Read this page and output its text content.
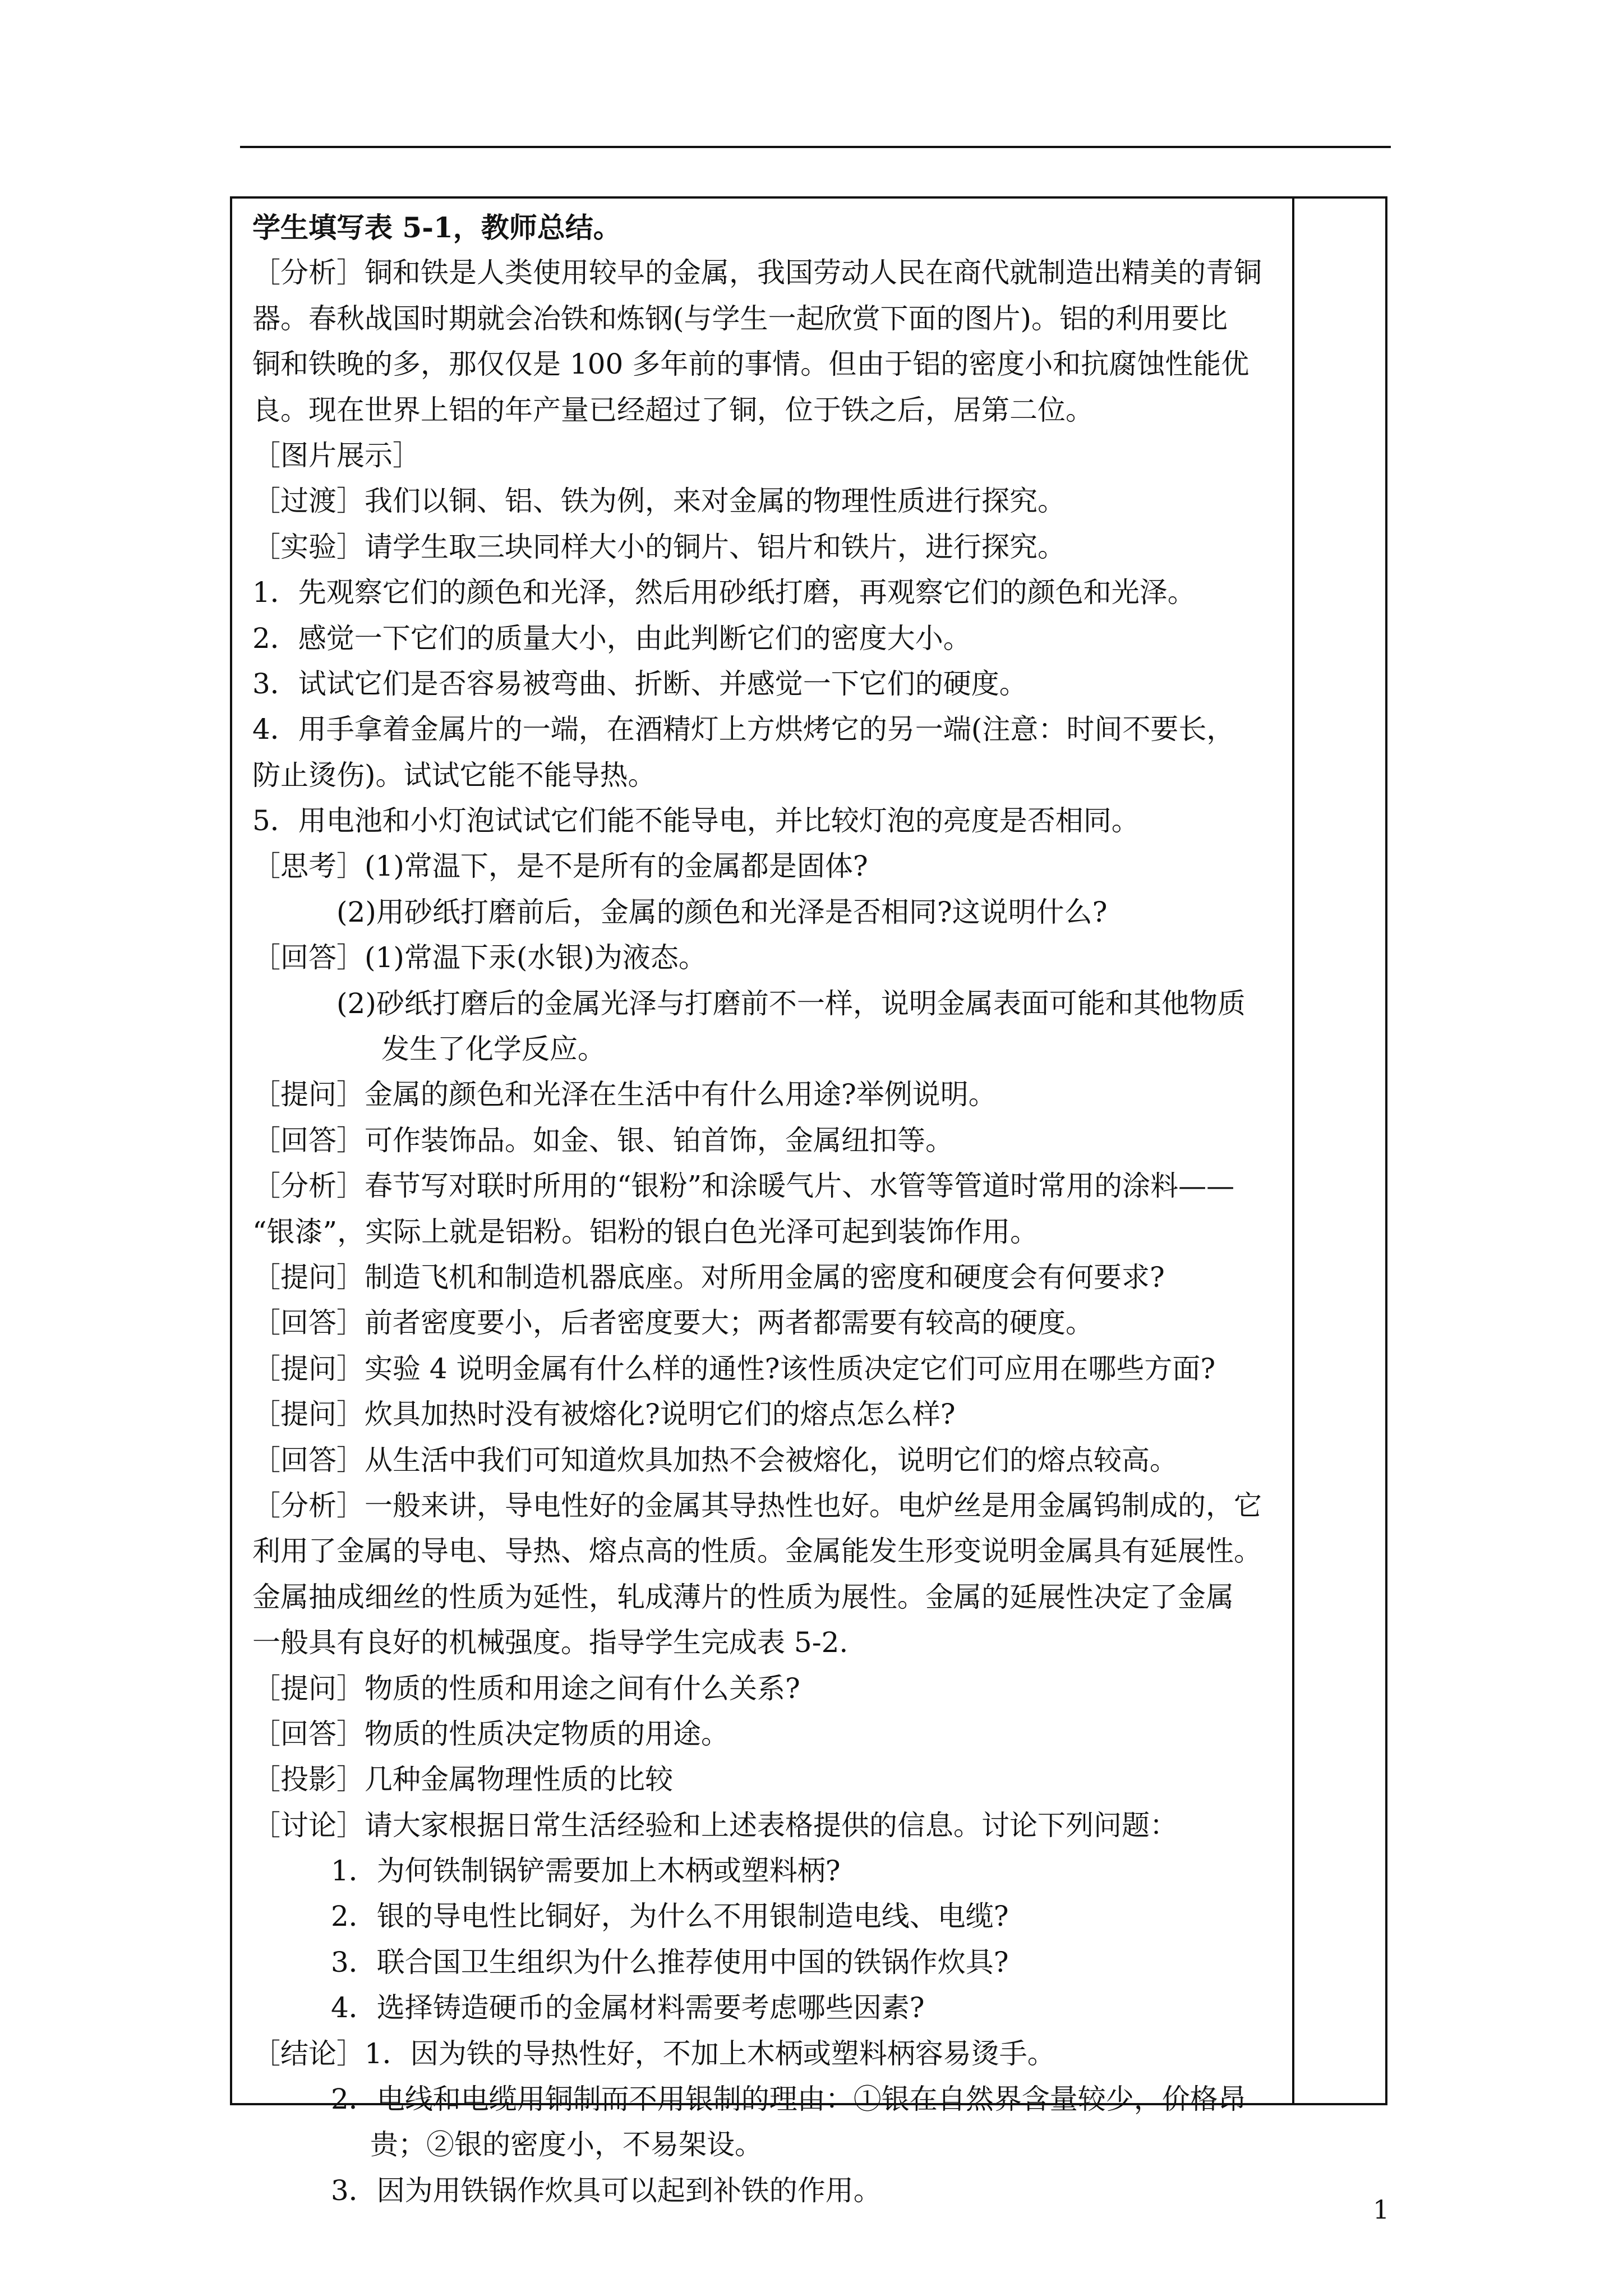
学生填写表 5-1，教师总结。
［分析］铜和铁是人类使用较早的金属，我国劳动人民在商代就制造出精美的青铜
器。春秋战国时期就会冶铁和炼钢(与学生一起欣赏下面的图片)。铝的利用要比
铜和铁晚的多，那仅仅是 100 多年前的事情。但由于铝的密度小和抗腐蚀性能优
良。现在世界上铝的年产量已经超过了铜，位于铁之后，居第二位。
［图片展示］
［过渡］我们以铜、铝、铁为例，来对金属的物理性质进行探究。
［实验］请学生取三块同样大小的铜片、铝片和铁片，进行探究。
1．先观察它们的颜色和光泽，然后用砂纸打磨，再观察它们的颜色和光泽。
2．感觉一下它们的质量大小，由此判断它们的密度大小。
3．试试它们是否容易被弯曲、折断、并感觉一下它们的硬度。
4．用手拿着金属片的一端，在酒精灯上方烘烤它的另一端(注意：时间不要长，
防止烫伤)。试试它能不能导热。
5．用电池和小灯泡试试它们能不能导电，并比较灯泡的亮度是否相同。
［思考］(1)常温下，是不是所有的金属都是固体?
(2)用砂纸打磨前后，金属的颜色和光泽是否相同?这说明什么?
［回答］(1)常温下汞(水银)为液态。
(2)砂纸打磨后的金属光泽与打磨前不一样，说明金属表面可能和其他物质
发生了化学反应。
［提问］金属的颜色和光泽在生活中有什么用途?举例说明。
［回答］可作装饰品。如金、银、铂首饰，金属纽扣等。
［分析］春节写对联时所用的“银粉”和涂暖气片、水管等管道时常用的涂料——
“银漆”，实际上就是铝粉。铝粉的银白色光泽可起到装饰作用。
［提问］制造飞机和制造机器底座。对所用金属的密度和硬度会有何要求?
［回答］前者密度要小，后者密度要大；两者都需要有较高的硬度。
［提问］实验 4 说明金属有什么样的通性?该性质决定它们可应用在哪些方面?
［提问］炊具加热时没有被熔化?说明它们的熔点怎么样?
［回答］从生活中我们可知道炊具加热不会被熔化，说明它们的熔点较高。
［分析］一般来讲，导电性好的金属其导热性也好。电炉丝是用金属钨制成的，它
利用了金属的导电、导热、熔点高的性质。金属能发生形变说明金属具有延展性。
金属抽成细丝的性质为延性，轧成薄片的性质为展性。金属的延展性决定了金属
一般具有良好的机械强度。指导学生完成表 5-2.
［提问］物质的性质和用途之间有什么关系?
［回答］物质的性质决定物质的用途。
［投影］几种金属物理性质的比较
［讨论］请大家根据日常生活经验和上述表格提供的信息。讨论下列问题：
1．为何铁制锅铲需要加上木柄或塑料柄?
2．银的导电性比铜好，为什么不用银制造电线、电缆?
3．联合国卫生组织为什么推荐使用中国的铁锅作炊具?
4．选择铸造硬币的金属材料需要考虑哪些因素?
［结论］1．因为铁的导热性好，不加上木柄或塑料柄容易烫手。
2．电线和电缆用铜制而不用银制的理由：①银在自然界含量较少，价格昂
贵；②银的密度小，不易架设。
3．因为用铁锅作炊具可以起到补铁的作用。
1
